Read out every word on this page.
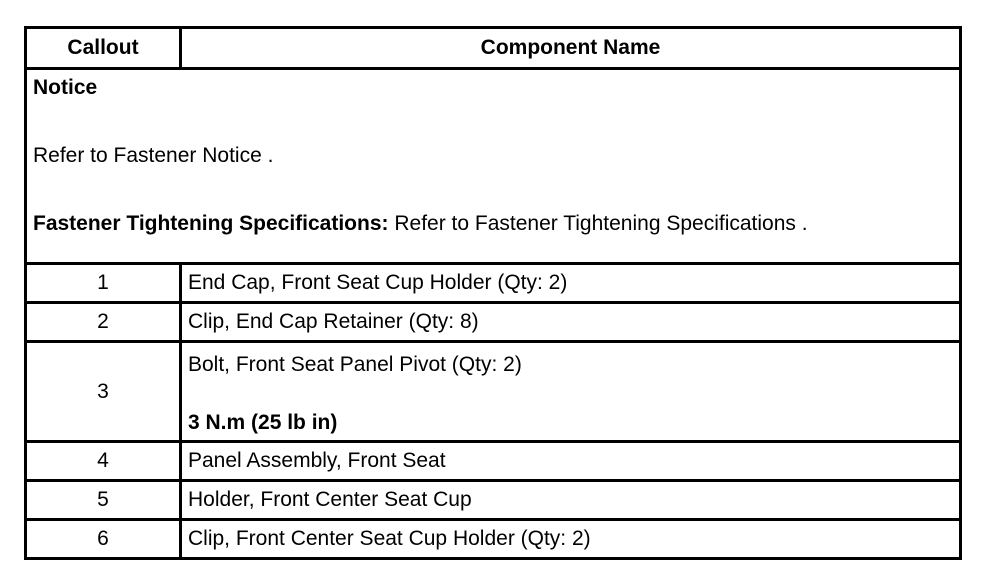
Callout	Component Name

Notice

Refer to Fastener Notice .

Fastener Tightening Specifications: Refer to Fastener Tightening Specifications .	

1	End Cap, Front Seat Cup Holder (Qty: 2)
2	Clip, End Cap Retainer (Qty: 8)
3	Bolt, Front Seat Panel Pivot (Qty: 2)
3 N.m (25 lb in)

4	Panel Assembly, Front Seat
5	Holder, Front Center Seat Cup
6	Clip, Front Center Seat Cup Holder (Qty: 2)
